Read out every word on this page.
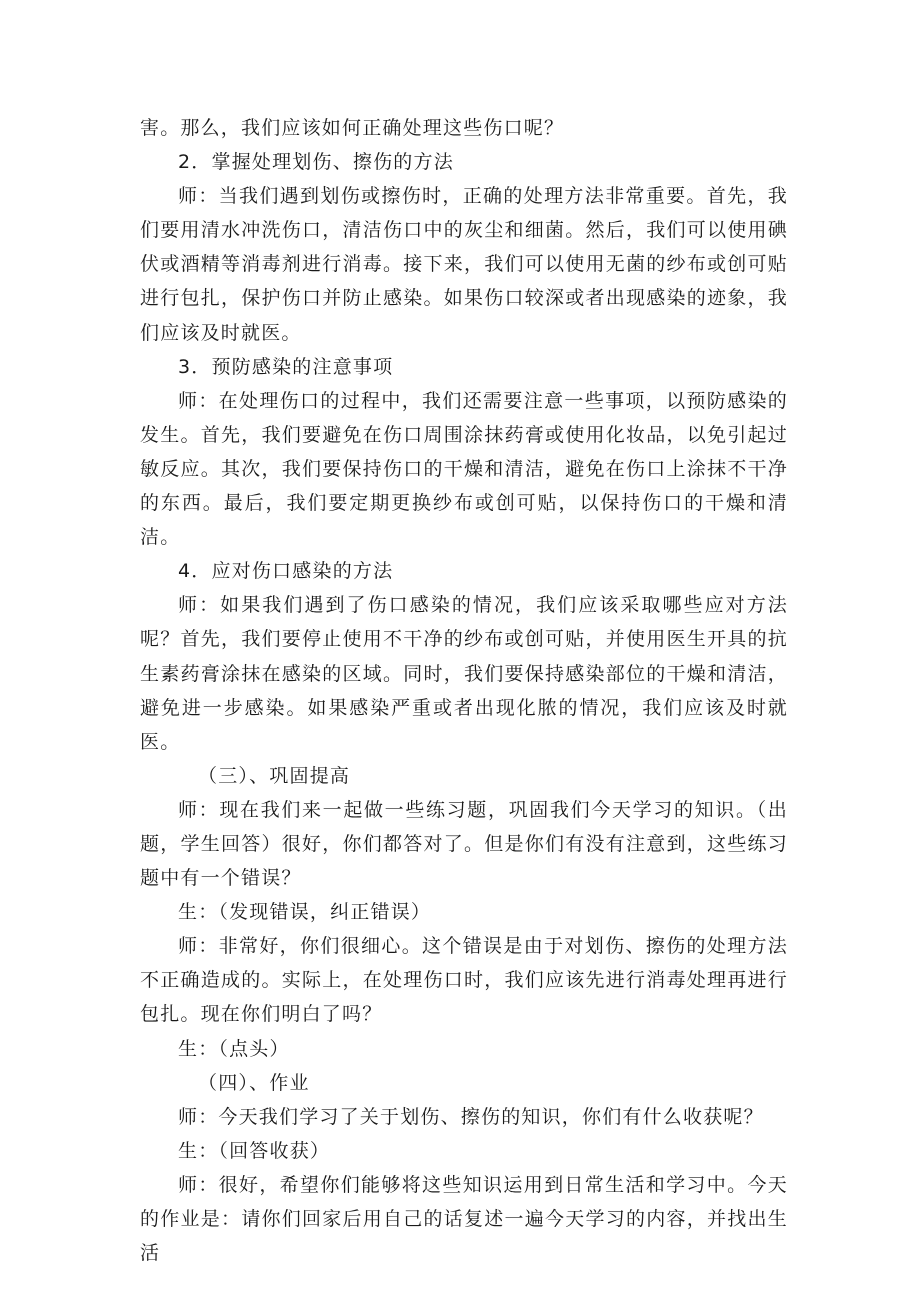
害。那么，我们应该如何正确处理这些伤口呢？

2．掌握处理划伤、擦伤的方法

师：当我们遇到划伤或擦伤时，正确的处理方法非常重要。首先，我们要用清水冲洗伤口，清洁伤口中的灰尘和细菌。然后，我们可以使用碘伏或酒精等消毒剂进行消毒。接下来，我们可以使用无菌的纱布或创可贴进行包扎，保护伤口并防止感染。如果伤口较深或者出现感染的迹象，我们应该及时就医。

3．预防感染的注意事项

师：在处理伤口的过程中，我们还需要注意一些事项，以预防感染的发生。首先，我们要避免在伤口周围涂抹药膏或使用化妆品，以免引起过敏反应。其次，我们要保持伤口的干燥和清洁，避免在伤口上涂抹不干净的东西。最后，我们要定期更换纱布或创可贴，以保持伤口的干燥和清洁。

4．应对伤口感染的方法

师：如果我们遇到了伤口感染的情况，我们应该采取哪些应对方法呢？首先，我们要停止使用不干净的纱布或创可贴，并使用医生开具的抗生素药膏涂抹在感染的区域。同时，我们要保持感染部位的干燥和清洁，避免进一步感染。如果感染严重或者出现化脓的情况，我们应该及时就医。

（三）、巩固提高

师：现在我们来一起做一些练习题，巩固我们今天学习的知识。（出题，学生回答）很好，你们都答对了。但是你们有没有注意到，这些练习题中有一个错误？

生：（发现错误，纠正错误）

师：非常好，你们很细心。这个错误是由于对划伤、擦伤的处理方法不正确造成的。实际上，在处理伤口时，我们应该先进行消毒处理再进行包扎。现在你们明白了吗？

生：（点头）

（四）、作业

师：今天我们学习了关于划伤、擦伤的知识，你们有什么收获呢？

生：（回答收获）

师：很好，希望你们能够将这些知识运用到日常生活和学习中。今天的作业是：请你们回家后用自己的话复述一遍今天学习的内容，并找出生活
